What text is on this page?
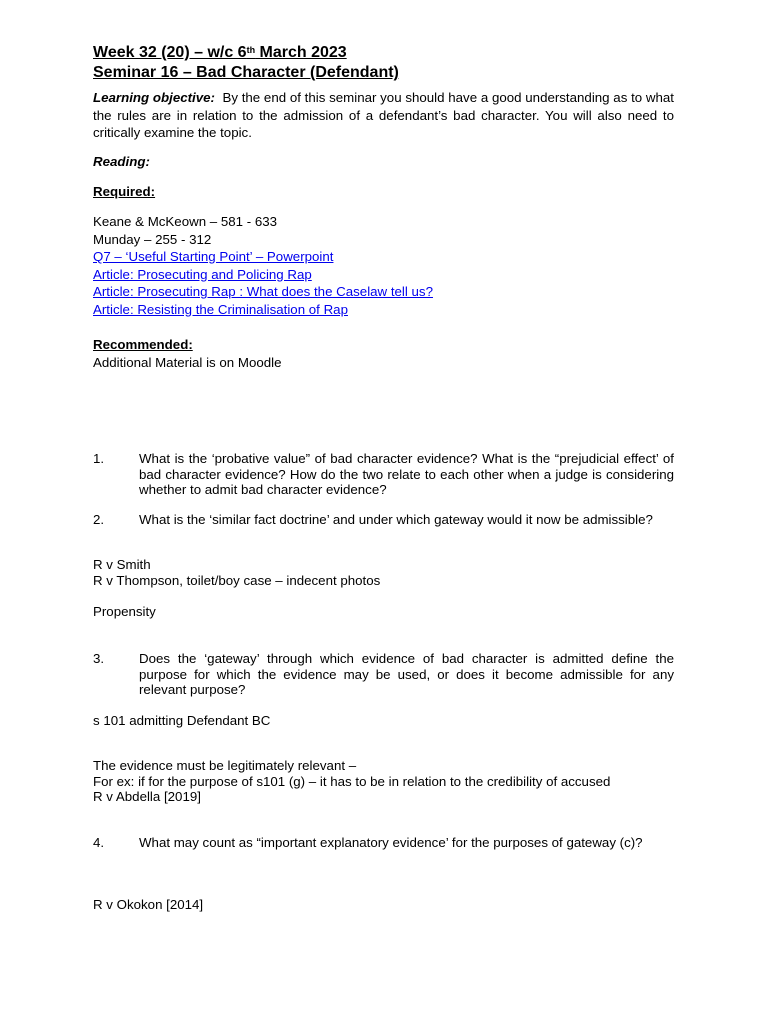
Week 32 (20) – w/c 6th March 2023
Seminar 16 – Bad Character (Defendant)
Learning objective: By the end of this seminar you should have a good understanding as to what the rules are in relation to the admission of a defendant’s bad character. You will also need to critically examine the topic.
Reading:
Required:
Keane & McKeown – 581 - 633
Munday – 255 - 312
Q7 – ‘Useful Starting Point’ – Powerpoint
Article: Prosecuting and Policing Rap
Article: Prosecuting Rap : What does the Caselaw tell us?
Article: Resisting the Criminalisation of Rap
Recommended:
Additional Material is on Moodle
1.	What is the ‘probative value” of bad character evidence? What is the “prejudicial effect’ of bad character evidence? How do the two relate to each other when a judge is considering whether to admit bad character evidence?
2.	What is the ‘similar fact doctrine’ and under which gateway would it now be admissible?
R v Smith
R v Thompson, toilet/boy case – indecent photos
Propensity
3.	Does the ‘gateway’ through which evidence of bad character is admitted define the purpose for which the evidence may be used, or does it become admissible for any relevant purpose?
s 101 admitting Defendant BC
The evidence must be legitimately relevant –
For ex: if for the purpose of s101 (g) – it has to be in relation to the credibility of accused
R v Abdella [2019]
4.	What may count as “important explanatory evidence’ for the purposes of gateway (c)?
R v Okokon [2014]
